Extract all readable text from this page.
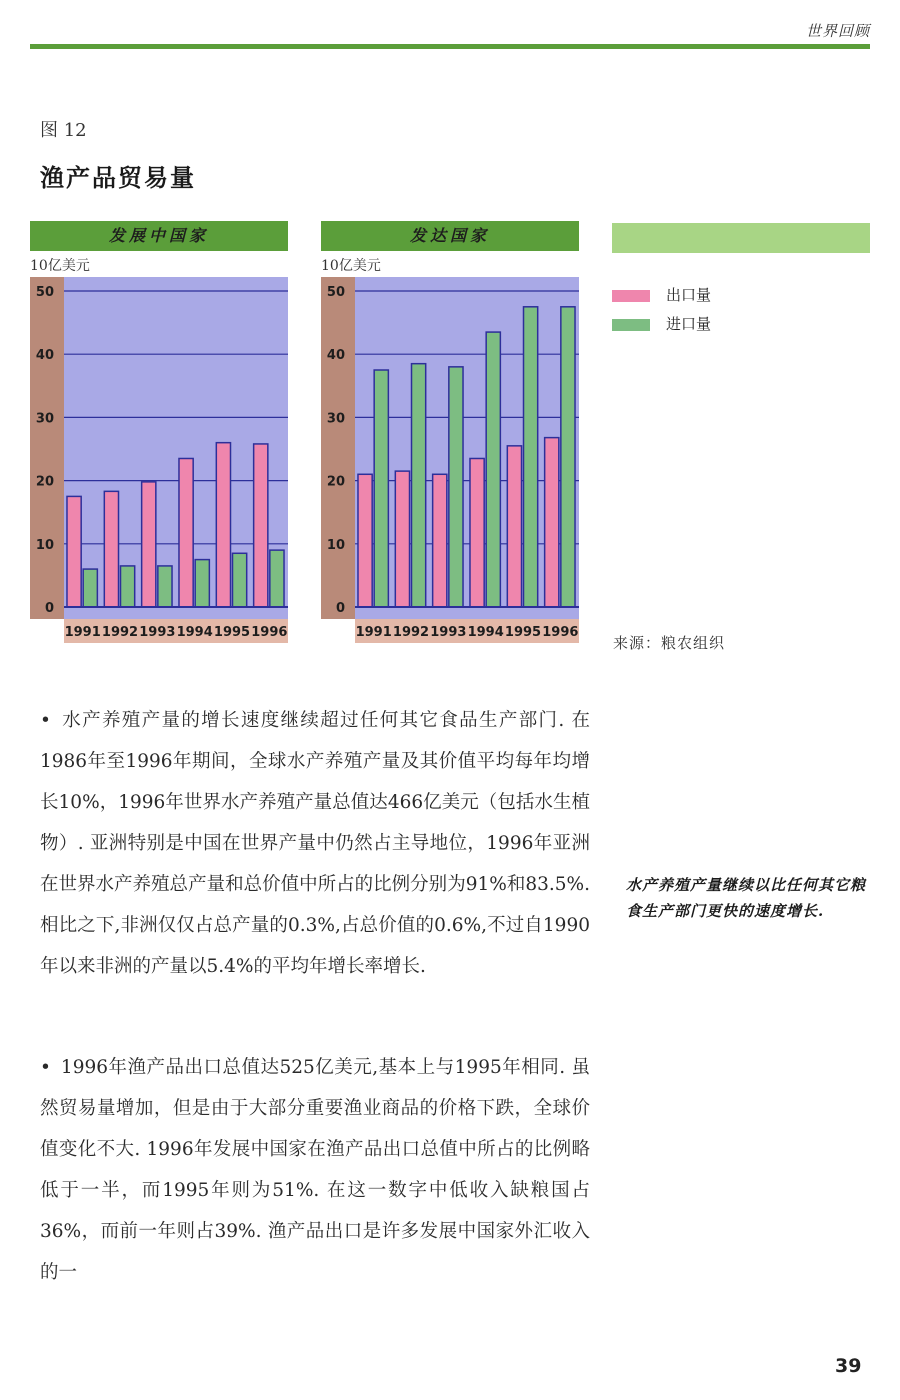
世界回顾
图 12
渔产品贸易量
发展中国家
10亿美元
0
10
20
30
40
50
1991 1992 1993 1994 1995 1996
发达国家
10亿美元
0
10
20
30
40
50
1991 1992 1993 1994 1995 1996
出口量
进口量
来源：粮农组织
• 水产养殖产量的增长速度继续超过任何其它食品生产部门. 在1986年至1996年期间，全球水产养殖产量及其价值平均每年均增长10%，1996年世界水产养殖产量总值达466亿美元（包括水生植物）. 亚洲特别是中国在世界产量中仍然占主导地位，1996年亚洲在世界水产养殖总产量和总价值中所占的比例分别为91%和83.5%. 相比之下,非洲仅仅占总产量的0.3%,占总价值的0.6%,不过自1990年以来非洲的产量以5.4%的平均年增长率增长.
• 1996年渔产品出口总值达525亿美元,基本上与1995年相同. 虽然贸易量增加，但是由于大部分重要渔业商品的价格下跌，全球价值变化不大. 1996年发展中国家在渔产品出口总值中所占的比例略低于一半，而1995年则为51%. 在这一数字中低收入缺粮国占36%，而前一年则占39%. 渔产品出口是许多发展中国家外汇收入的一
水产养殖产量继续以比任何其它粮食生产部门更快的速度增长.
39
